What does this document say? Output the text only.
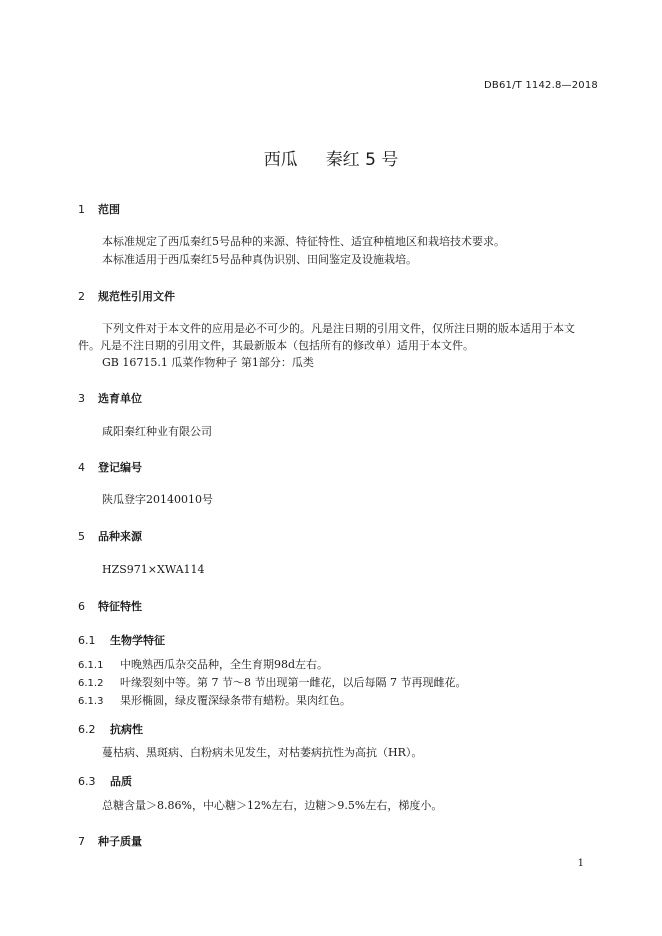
DB61/T 1142.8—2018
西瓜 秦红 5 号
1 范围
本标准规定了西瓜秦红5号品种的来源、特征特性、适宜种植地区和栽培技术要求。
本标准适用于西瓜秦红5号品种真伪识别、田间鉴定及设施栽培。
2 规范性引用文件
下列文件对于本文件的应用是必不可少的。凡是注日期的引用文件，仅所注日期的版本适用于本文
件。凡是不注日期的引用文件，其最新版本（包括所有的修改单）适用于本文件。
GB 16715.1 瓜菜作物种子 第1部分：瓜类
3 选育单位
咸阳秦红种业有限公司
4 登记编号
陕瓜登字20140010号
5 品种来源
HZS971×XWA114
6 特征特性
6.1 生物学特征
6.1.1 中晚熟西瓜杂交品种，全生育期98d左右。
6.1.2 叶缘裂刻中等。第 7 节～8 节出现第一雌花，以后每隔 7 节再现雌花。
6.1.3 果形椭圆，绿皮覆深绿条带有蜡粉。果肉红色。
6.2 抗病性
蔓枯病、黑斑病、白粉病未见发生，对枯萎病抗性为高抗（HR）。
6.3 品质
总糖含量＞8.86%，中心糖＞12%左右，边糖＞9.5%左右，梯度小。
7 种子质量
1
